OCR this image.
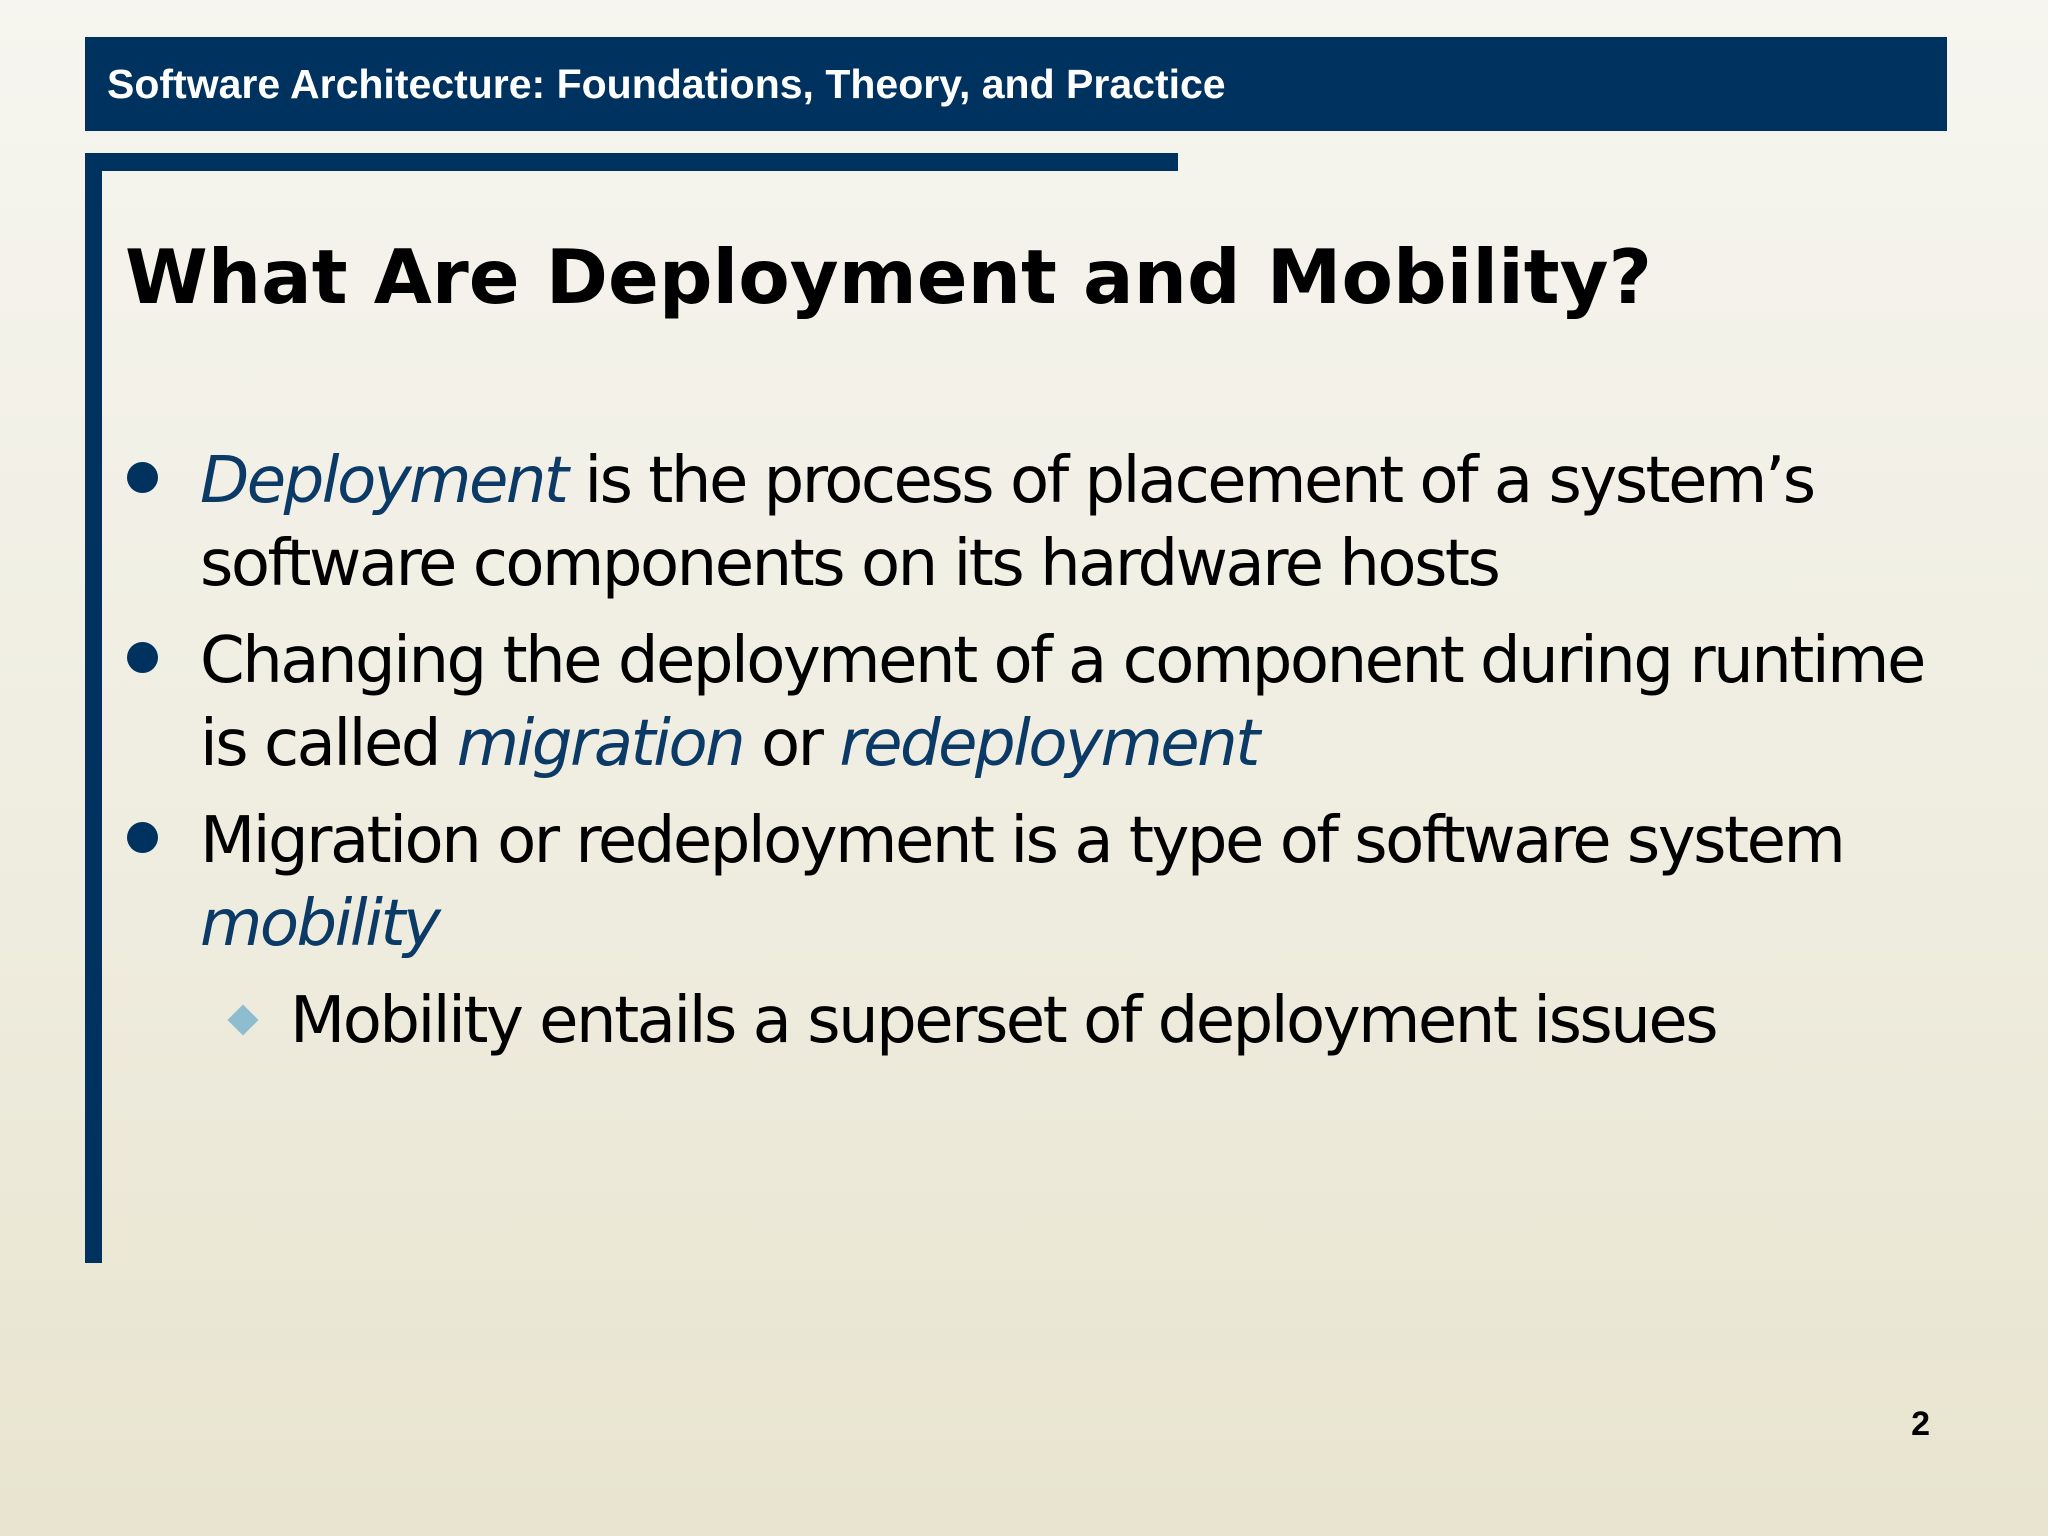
Software Architecture: Foundations, Theory, and Practice
What Are Deployment and Mobility?
Deployment is the process of placement of a system’s software components on its hardware hosts
Changing the deployment of a component during runtime is called migration or redeployment
Migration or redeployment is a type of software system mobility
Mobility entails a superset of deployment issues
2
